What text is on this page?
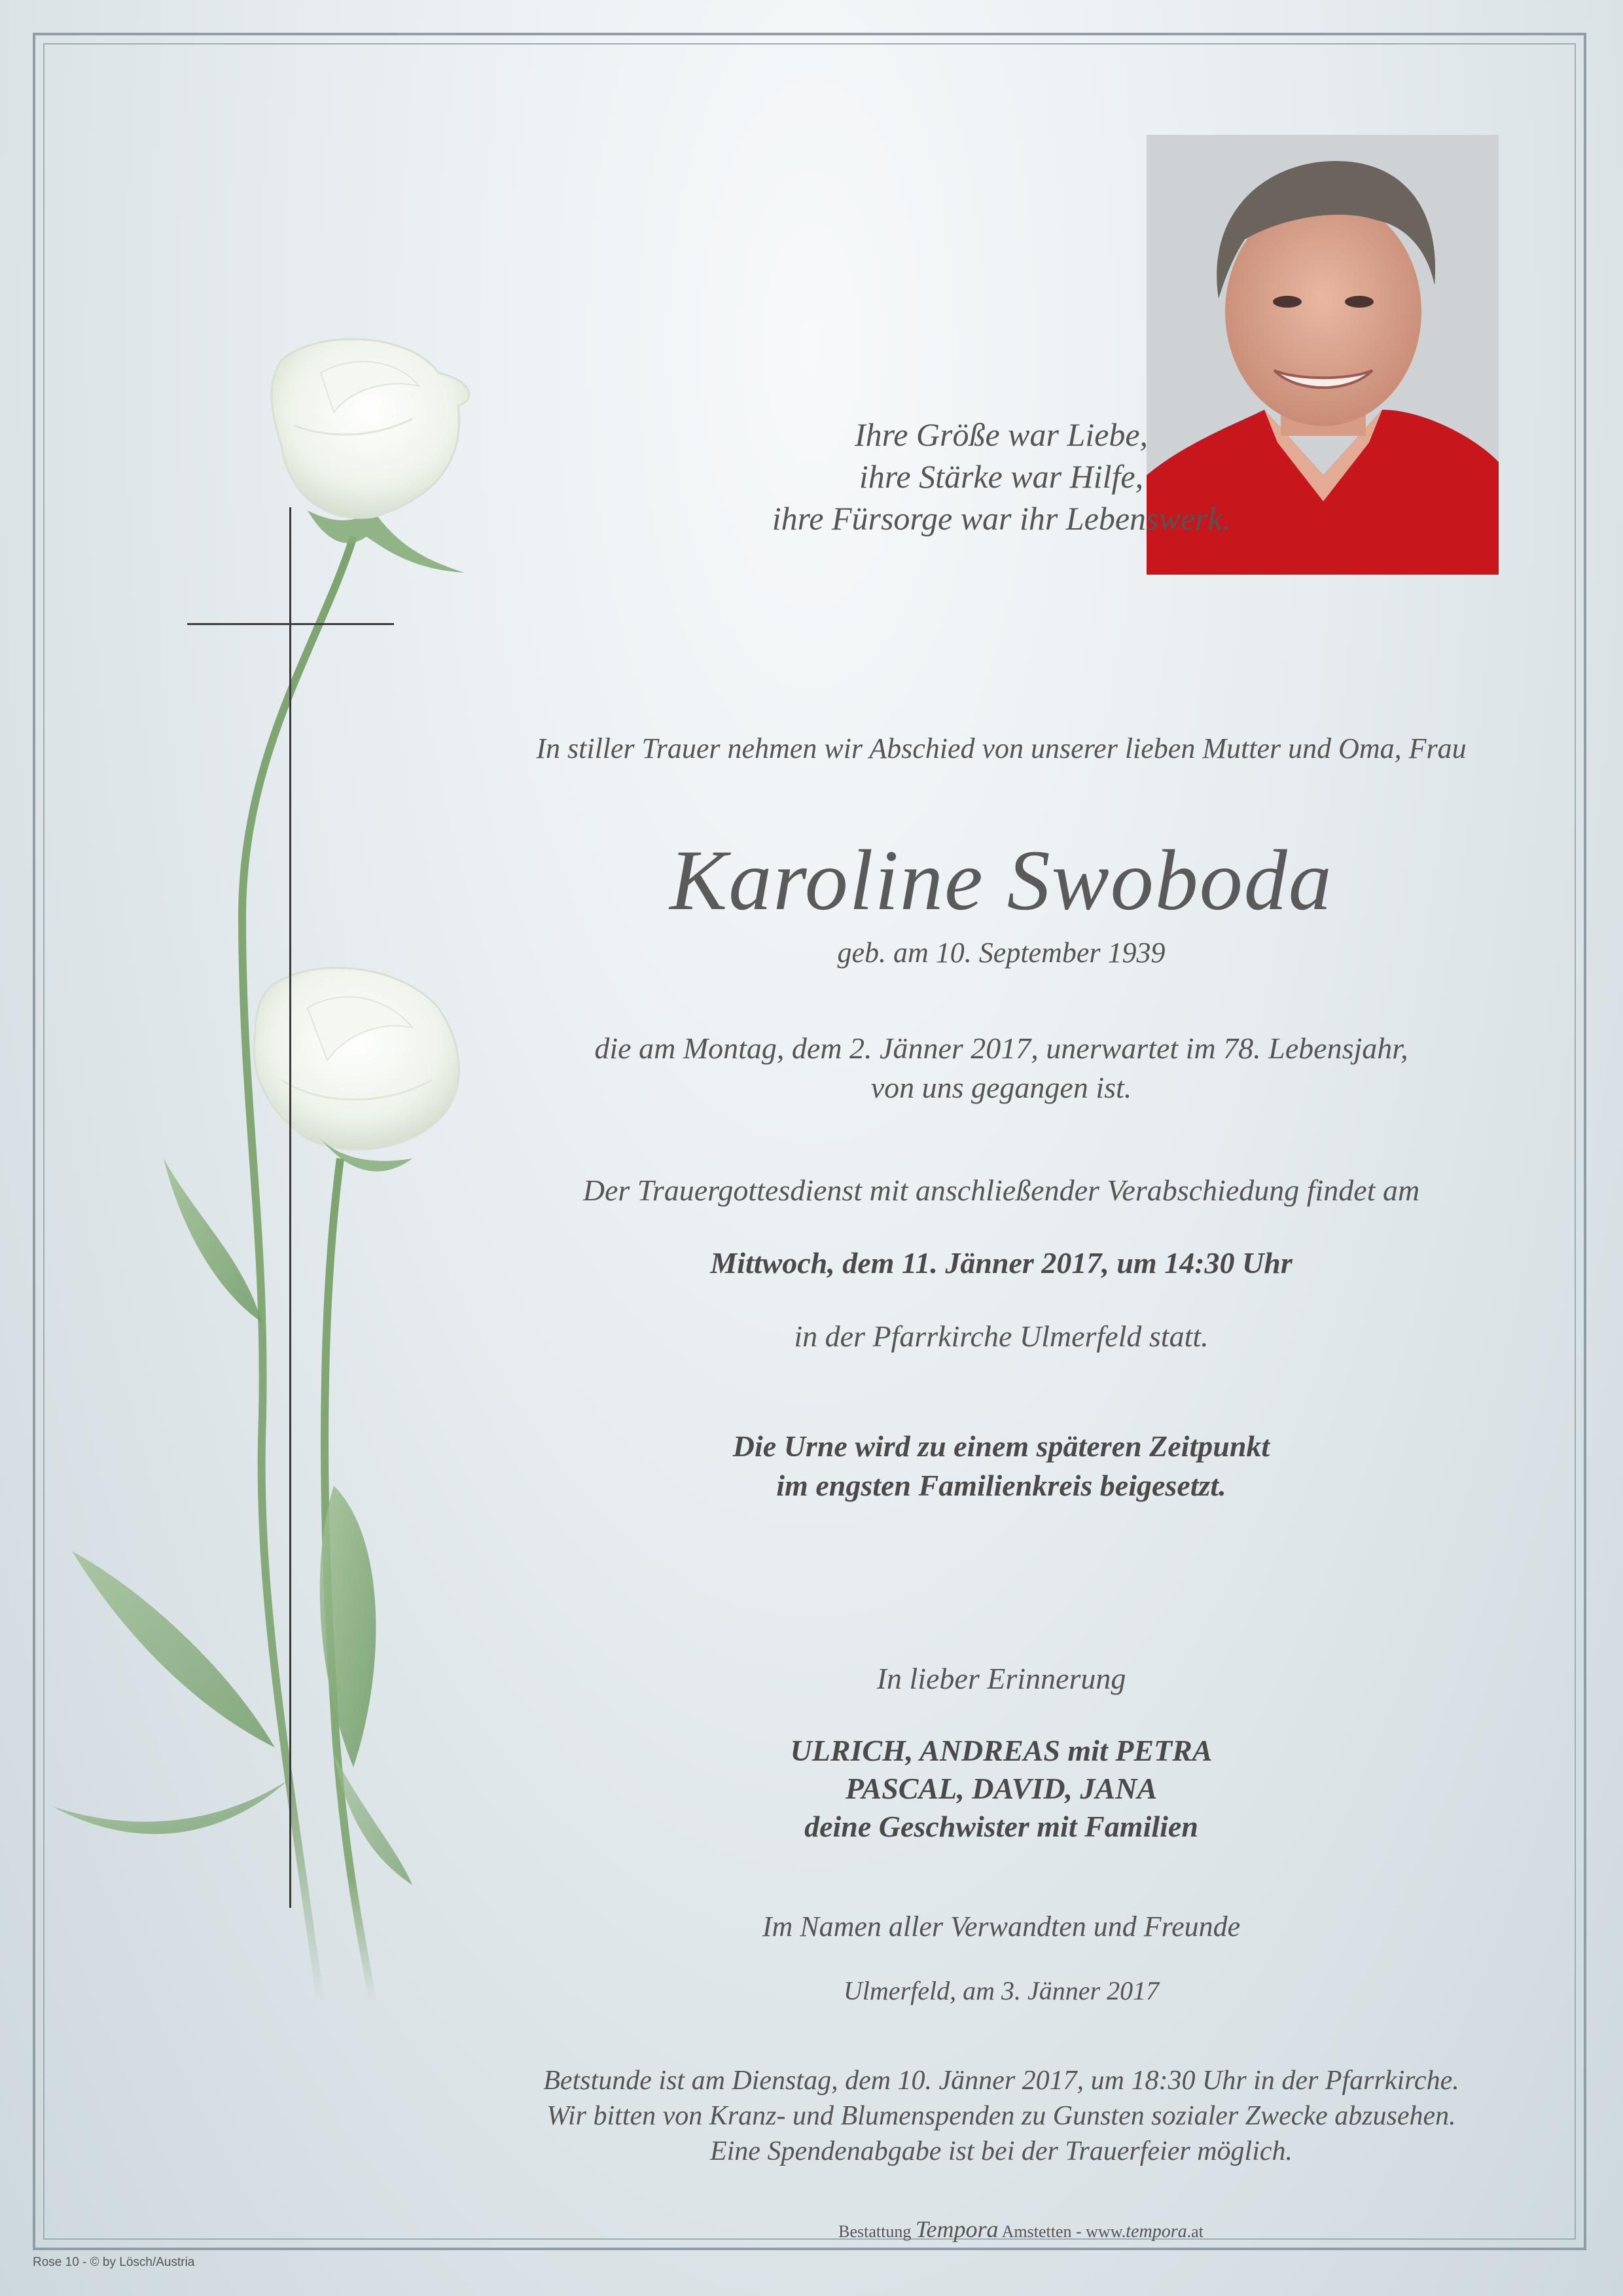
Ihre Größe war Liebe,
ihre Stärke war Hilfe,
ihre Fürsorge war ihr Lebenswerk.
In stiller Trauer nehmen wir Abschied von unserer lieben Mutter und Oma, Frau
Karoline Swoboda
geb. am 10. September 1939
die am Montag, dem 2. Jänner 2017, unerwartet im 78. Lebensjahr,
von uns gegangen ist.
Der Trauergottesdienst mit anschließender Verabschiedung findet am
Mittwoch, dem 11. Jänner 2017, um 14:30 Uhr
in der Pfarrkirche Ulmerfeld statt.
Die Urne wird zu einem späteren Zeitpunkt
im engsten Familienkreis beigesetzt.
In lieber Erinnerung
ULRICH, ANDREAS mit PETRA
PASCAL, DAVID, JANA
deine Geschwister mit Familien
Im Namen aller Verwandten und Freunde
Ulmerfeld, am 3. Jänner 2017
Betstunde ist am Dienstag, dem 10. Jänner 2017, um 18:30 Uhr in der Pfarrkirche.
Wir bitten von Kranz- und Blumenspenden zu Gunsten sozialer Zwecke abzusehen.
Eine Spendenabgabe ist bei der Trauerfeier möglich.
Bestattung Tempora Amstetten - www.tempora.at
Rose 10 - © by Lösch/Austria
